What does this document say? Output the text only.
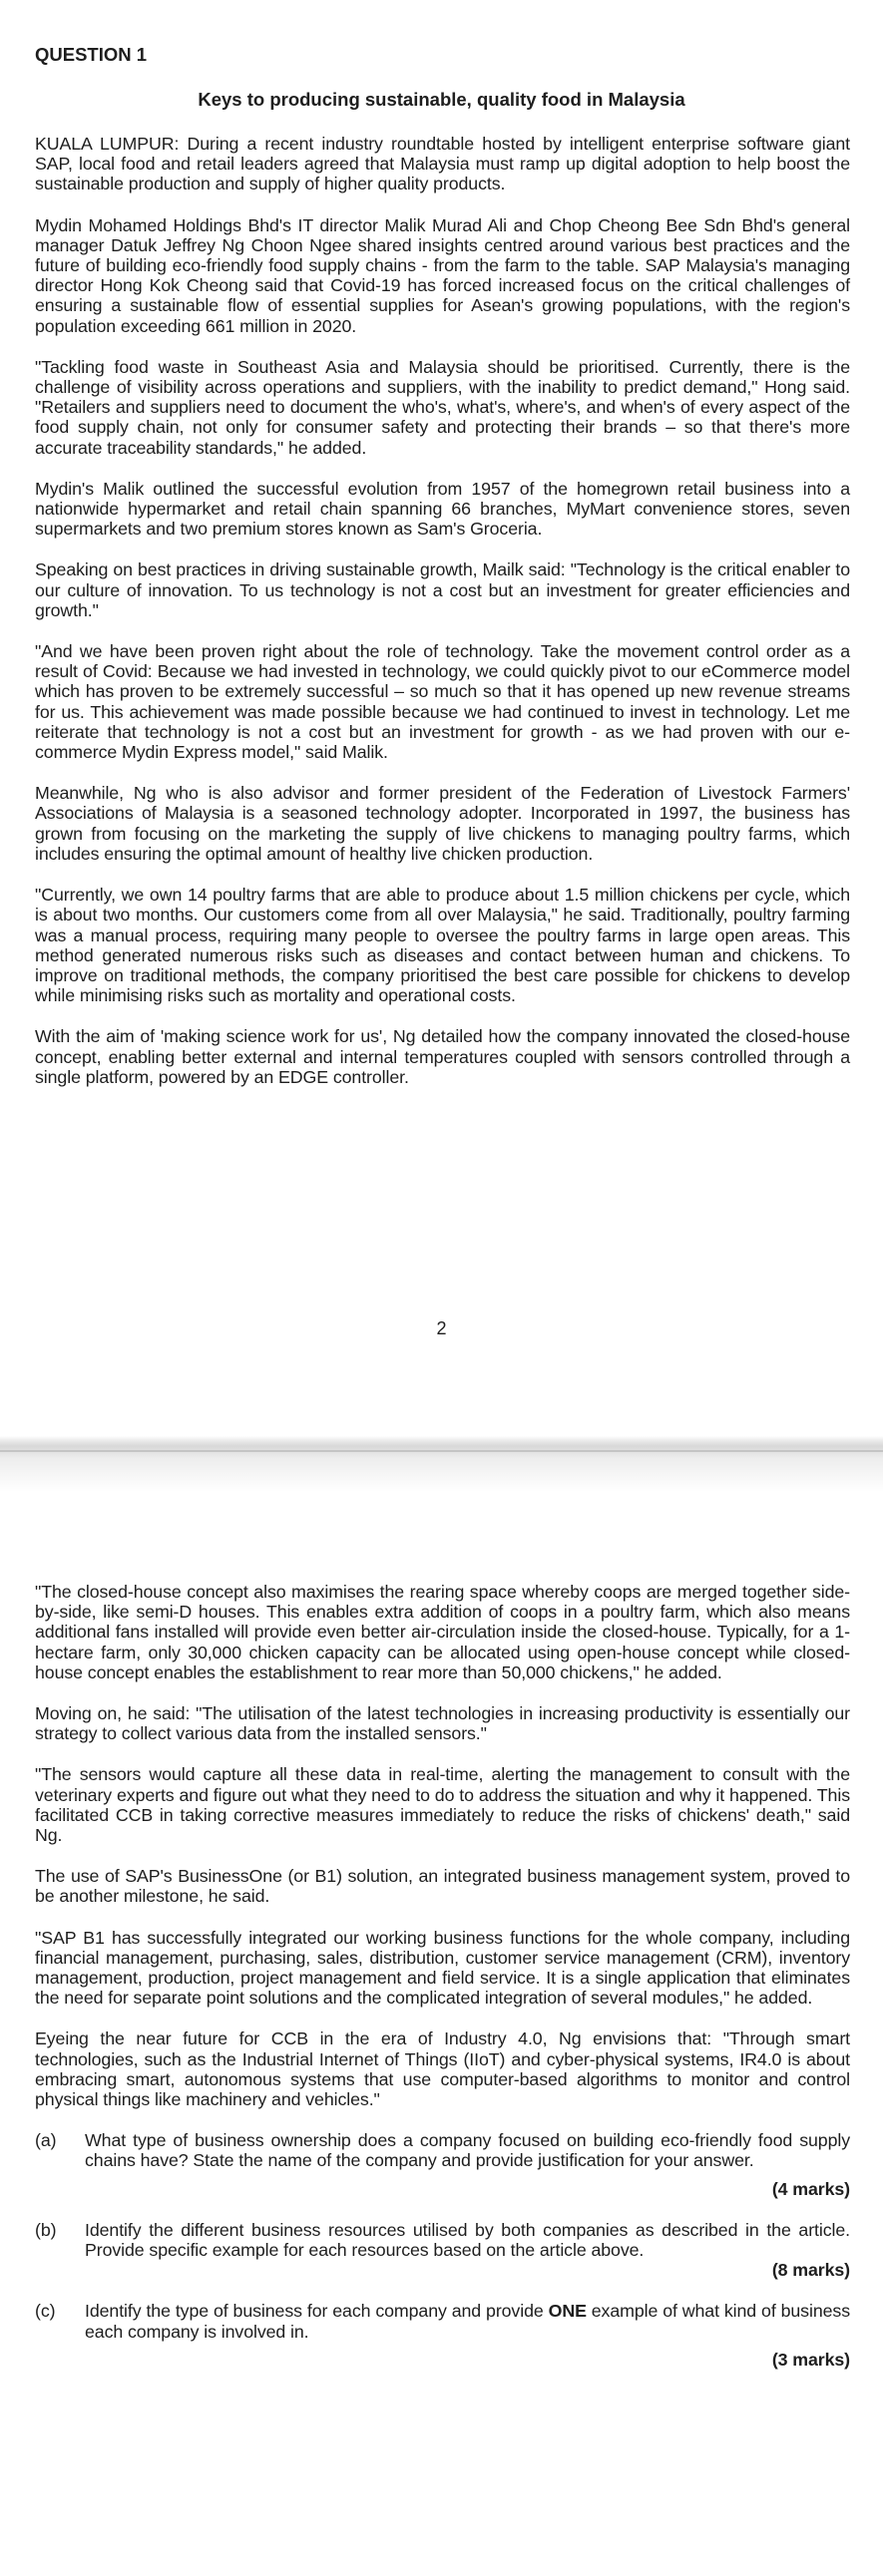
QUESTION 1
Keys to producing sustainable, quality food in Malaysia

KUALA LUMPUR: During a recent industry roundtable hosted by intelligent enterprise software giant SAP, local food and retail leaders agreed that Malaysia must ramp up digital adoption to help boost the sustainable production and supply of higher quality products.

Mydin Mohamed Holdings Bhd's IT director Malik Murad Ali and Chop Cheong Bee Sdn Bhd's general manager Datuk Jeffrey Ng Choon Ngee shared insights centred around various best practices and the future of building eco-friendly food supply chains - from the farm to the table. SAP Malaysia's managing director Hong Kok Cheong said that Covid-19 has forced increased focus on the critical challenges of ensuring a sustainable flow of essential supplies for Asean's growing populations, with the region's population exceeding 661 million in 2020.

"Tackling food waste in Southeast Asia and Malaysia should be prioritised. Currently, there is the challenge of visibility across operations and suppliers, with the inability to predict demand," Hong said. "Retailers and suppliers need to document the who's, what's, where's, and when's of every aspect of the food supply chain, not only for consumer safety and protecting their brands – so that there's more accurate traceability standards," he added.

Mydin's Malik outlined the successful evolution from 1957 of the homegrown retail business into a nationwide hypermarket and retail chain spanning 66 branches, MyMart convenience stores, seven supermarkets and two premium stores known as Sam's Groceria.

Speaking on best practices in driving sustainable growth, Mailk said: "Technology is the critical enabler to our culture of innovation. To us technology is not a cost but an investment for greater efficiencies and growth."

"And we have been proven right about the role of technology. Take the movement control order as a result of Covid: Because we had invested in technology, we could quickly pivot to our eCommerce model which has proven to be extremely successful – so much so that it has opened up new revenue streams for us. This achievement was made possible because we had continued to invest in technology. Let me reiterate that technology is not a cost but an investment for growth - as we had proven with our e-commerce Mydin Express model," said Malik.

Meanwhile, Ng who is also advisor and former president of the Federation of Livestock Farmers' Associations of Malaysia is a seasoned technology adopter. Incorporated in 1997, the business has grown from focusing on the marketing the supply of live chickens to managing poultry farms, which includes ensuring the optimal amount of healthy live chicken production.

"Currently, we own 14 poultry farms that are able to produce about 1.5 million chickens per cycle, which is about two months. Our customers come from all over Malaysia," he said. Traditionally, poultry farming was a manual process, requiring many people to oversee the poultry farms in large open areas. This method generated numerous risks such as diseases and contact between human and chickens. To improve on traditional methods, the company prioritised the best care possible for chickens to develop while minimising risks such as mortality and operational costs.

With the aim of 'making science work for us', Ng detailed how the company innovated the closed-house concept, enabling better external and internal temperatures coupled with sensors controlled through a single platform, powered by an EDGE controller.

2

"The closed-house concept also maximises the rearing space whereby coops are merged together side-by-side, like semi-D houses. This enables extra addition of coops in a poultry farm, which also means additional fans installed will provide even better air-circulation inside the closed-house. Typically, for a 1-hectare farm, only 30,000 chicken capacity can be allocated using open-house concept while closed-house concept enables the establishment to rear more than 50,000 chickens," he added.

Moving on, he said: "The utilisation of the latest technologies in increasing productivity is essentially our strategy to collect various data from the installed sensors."

"The sensors would capture all these data in real-time, alerting the management to consult with the veterinary experts and figure out what they need to do to address the situation and why it happened. This facilitated CCB in taking corrective measures immediately to reduce the risks of chickens' death," said Ng.

The use of SAP's BusinessOne (or B1) solution, an integrated business management system, proved to be another milestone, he said.

"SAP B1 has successfully integrated our working business functions for the whole company, including financial management, purchasing, sales, distribution, customer service management (CRM), inventory management, production, project management and field service. It is a single application that eliminates the need for separate point solutions and the complicated integration of several modules," he added.

Eyeing the near future for CCB in the era of Industry 4.0, Ng envisions that: "Through smart technologies, such as the Industrial Internet of Things (IIoT) and cyber-physical systems, IR4.0 is about embracing smart, autonomous systems that use computer-based algorithms to monitor and control physical things like machinery and vehicles."

(a)	What type of business ownership does a company focused on building eco-friendly food supply chains have? State the name of the company and provide justification for your answer.
(4 marks)
(b)	Identify the different business resources utilised by both companies as described in the article. Provide specific example for each resources based on the article above.
(8 marks)
(c)	Identify the type of business for each company and provide ONE example of what kind of business each company is involved in.
(3 marks)
